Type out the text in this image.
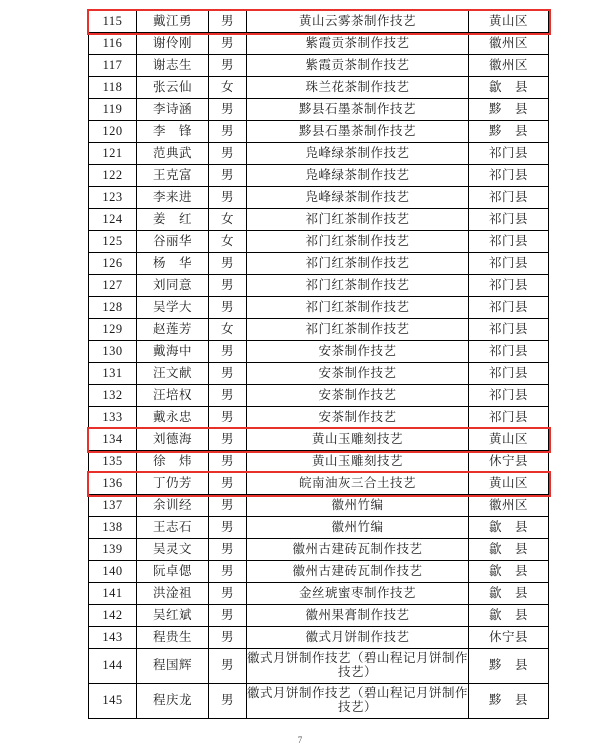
115	戴江勇	男	黄山云雾茶制作技艺	黄山区
116	谢伶刚	男	紫霞贡茶制作技艺	徽州区
117	谢志生	男	紫霞贡茶制作技艺	徽州区
118	张云仙	女	珠兰花茶制作技艺	歙　县
119	李诗涵	男	黟县石墨茶制作技艺	黟　县
120	李　锋	男	黟县石墨茶制作技艺	黟　县
121	范典武	男	凫峰绿茶制作技艺	祁门县
122	王克富	男	凫峰绿茶制作技艺	祁门县
123	李来进	男	凫峰绿茶制作技艺	祁门县
124	姜　红	女	祁门红茶制作技艺	祁门县
125	谷丽华	女	祁门红茶制作技艺	祁门县
126	杨　华	男	祁门红茶制作技艺	祁门县
127	刘同意	男	祁门红茶制作技艺	祁门县
128	吴学大	男	祁门红茶制作技艺	祁门县
129	赵莲芳	女	祁门红茶制作技艺	祁门县
130	戴海中	男	安茶制作技艺	祁门县
131	汪文献	男	安茶制作技艺	祁门县
132	汪培权	男	安茶制作技艺	祁门县
133	戴永忠	男	安茶制作技艺	祁门县
134	刘德海	男	黄山玉雕刻技艺	黄山区
135	徐　炜	男	黄山玉雕刻技艺	休宁县
136	丁仍芳	男	皖南油灰三合土技艺	黄山区
137	余训经	男	徽州竹编	徽州区
138	王志石	男	徽州竹编	歙　县
139	吴灵文	男	徽州古建砖瓦制作技艺	歙　县
140	阮卓偲	男	徽州古建砖瓦制作技艺	歙　县
141	洪淦祖	男	金丝琥蜜枣制作技艺	歙　县
142	吴红斌	男	徽州果膏制作技艺	歙　县
143	程贵生	男	徽式月饼制作技艺	休宁县
144	程国辉	男	徽式月饼制作技艺（碧山程记月饼制作技艺）	黟　县
145	程庆龙	男	徽式月饼制作技艺（碧山程记月饼制作技艺）	黟　县
7
